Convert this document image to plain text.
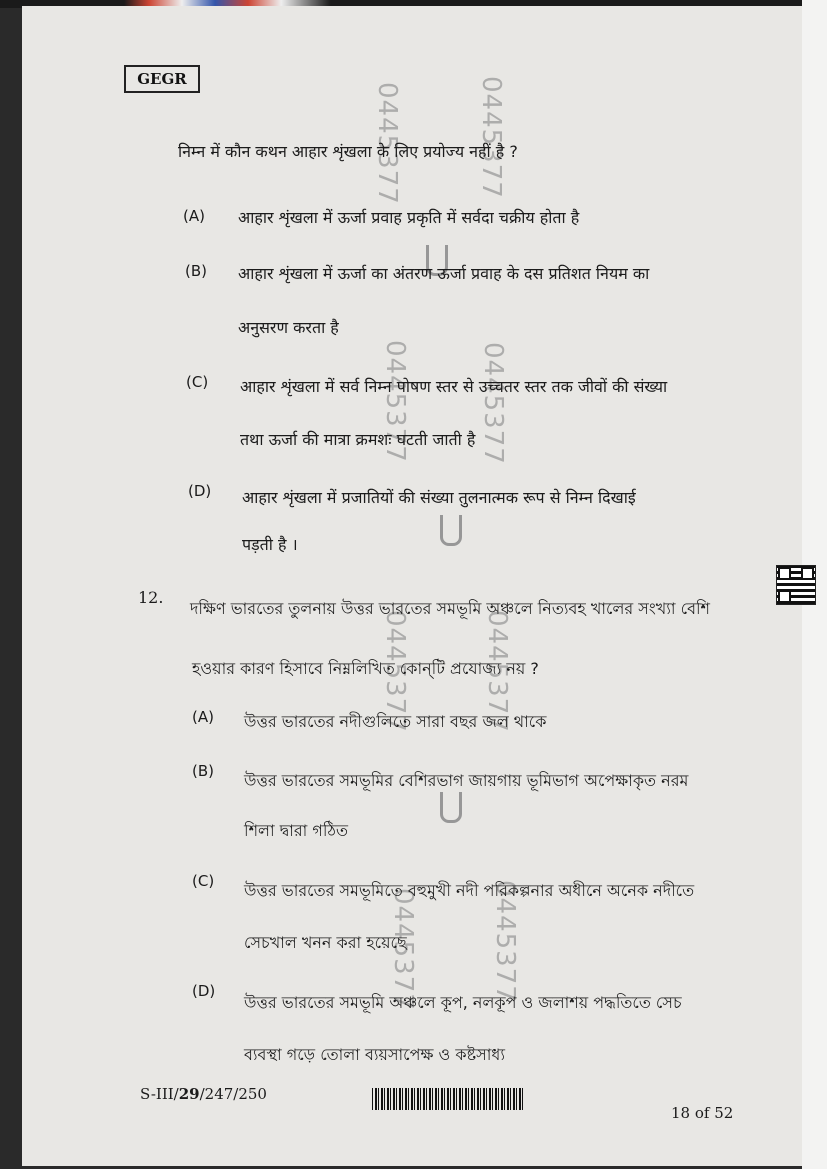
GEGR
0445377	0445377
0445377	0445377
0445377	0445377
0445377	0445377
निम्न में कौन कथन आहार शृंखला के लिए प्रयोज्य नहीं है ?
(A) आहार शृंखला में ऊर्जा प्रवाह प्रकृति में सर्वदा चक्रीय होता है
(B) आहार शृंखला में ऊर्जा का अंतरण ऊर्जा प्रवाह के दस प्रतिशत नियम का
अनुसरण करता है
(C) आहार शृंखला में सर्व निम्न पोषण स्तर से उच्चतर स्तर तक जीवों की संख्या
तथा ऊर्जा की मात्रा क्रमशः घटती जाती है
(D) आहार शृंखला में प्रजातियों की संख्या तुलनात्मक रूप से निम्न दिखाई
पड़ती है ।
12.
দক্ষিণ ভারতের তুলনায় উত্তর ভারতের সমভূমি অঞ্চলে নিত্যবহ খালের সংখ্যা বেশি
হওয়ার কারণ হিসাবে নিম্নলিখিত কোন্‌টি প্রযোজ্য নয় ?
(A) উত্তর ভারতের নদীগুলিতে সারা বছর জল থাকে
(B) উত্তর ভারতের সমভূমির বেশিরভাগ জায়গায় ভূমিভাগ অপেক্ষাকৃত নরম
শিলা দ্বারা গঠিত
(C) উত্তর ভারতের সমভূমিতে বহুমুখী নদী পরিকল্পনার অধীনে অনেক নদীতে
সেচখাল খনন করা হয়েছে
(D)
উত্তর ভারতের সমভূমি অঞ্চলে কূপ, নলকূপ ও জলাশয় পদ্ধতিতে সেচ
ব্যবস্থা গড়ে তোলা ব্যয়সাপেক্ষ ও কষ্টসাধ্য
S-III/29/247/250
18 of 52
